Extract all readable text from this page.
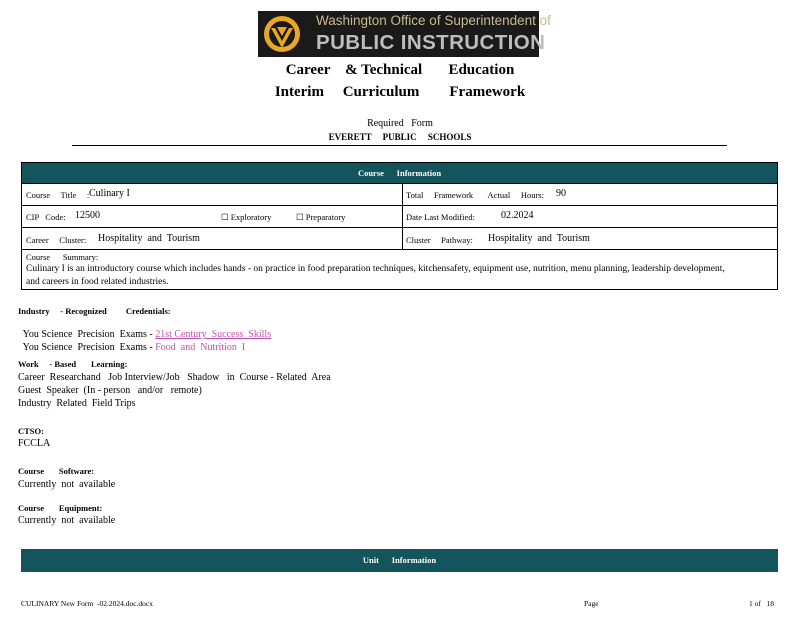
Washington Office of Superintendent of
PUBLIC INSTRUCTION
Career    & Technical       Education
Interim     Curriculum        Framework
Required   Form
EVERETT     PUBLIC     SCHOOLS
Course      Information
Course     Title     : Culinary I	Total     Framework       Actual     Hours: 90
CIP   Code: 12500	☐ Exploratory	☐ Preparatory	Date Last Modified:	02.2024
Career     Cluster: Hospitality  and  Tourism	Cluster     Pathway: Hospitality  and  Tourism
Course      Summary:
Culinary I is an introductory course which includes hands - on practice in food preparation techniques, kitchensafety, equipment use, nutrition, menu planning, leadership development, and careers in food related industries.
Industry     - Recognized         Credentials:

You Science  Precision  Exams - 21st Century  Success  Skills

You Science  Precision  Exams - Food  and  Nutrition  I

Work     - Based       Learning:
Career  Researchand   Job Interview/Job   Shadow   in  Course - Related  Area
Guest  Speaker  (In - person   and/or   remote)
Industry  Related  Field Trips
CTSO:
FCCLA
Course       Software:
Currently  not  available
Course       Equipment:
Currently  not  available
Unit      Information
CULINARY New Form  -02.2024.doc.docx	Page	1 of   18
